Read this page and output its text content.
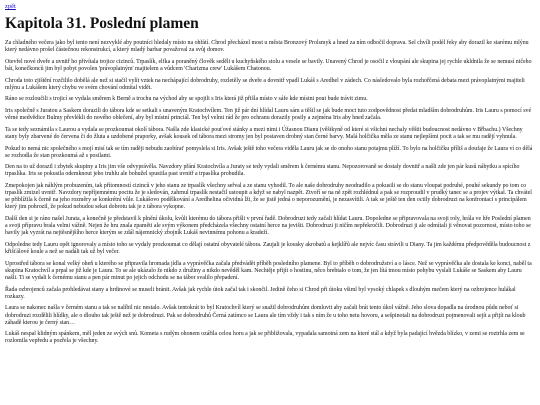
zpět
Kapitola 31. Poslední plamen

Za chladného večera jako byl tento není nezvyklé aby poutníci hledaly místo na ohřátí. Chrod přecházel most u města Bronzový Prolsmyk a hned za ním odbočil doprava. Sel chvíli podél řeky aby dorazil ke starému mlýnu který nedávno prošel částečnou rekonstrukcí, a který mladý barbar považoval za svůj domov.

Otevřel nové dveře a uvnitř ho přivítala trojice cizinců. Trpaslík, elfka a poraněný člověk seděli u kuchyňského stolu a vesele se bavily. Unavený Chrod je osočil z vloupání ale skupina jej rychle ukldnila že se nemusí ničeho bát, konečkonců jim byl pobyt povolen 'právoplatným' majitelem a vůdcem 'Charizma crew' Lukášem Chatonou.

Chroda toto zjištění rozčililo dobělá ale než si stačil vylít vztek na nechápající dobrodruhy, rozletěly se dveře a dovnitř vpadl Lukáš s Aredhel v zádech. Co následovalo byla rozhořčená debata mezi právoplatnými majiteli mlýnu a Lukášem který chybu ve svém chování odmítal vidět.

Ráno se rozloučili s trojicí se vydala směrem k Berně a trochu na východ aby se spojili s Iris která již přišla místo v sáfe kde místni pout bude trávit zimu.

Iris společně s Juratou a Saskem dorazili do tábora kde se setkali s unaveným Kratochvílem. Ten již pár dní hlídal Lauru sám a těšil se jak bude moct tuto zodpovědnost předat mladším dobrodruhům. Iris Lauru s pomocí své věrné medvědice Bulmy převlékli do nového oblečení, aby byl místní princiál. Ten byl velmi rád že pro ochranu dorazily posily a zejména Iris aby hned začala.

Ta se tedy seznámila s Laurou a vydala se prozkoumat okolí tábora. Našla zde klasické pouťové stánky a mezi nimi i Úžasnou Dianu (věštkyně od které si všichni nechaly věštit budoucnost nedávno v Břbachu.) Všechny stany byly zbarvené do červena či do žluta a uzdobené praporky, avšak kousek od tábora mezi stromy jen byl postaven drobný stan černé barvy. Malá holčička měla ze stanu nejlepšími pocit a tak se mu radějí vyhnula.

Pokud to nemá nic společného s mojí misí tak se tím raději nebudu zaobírat' pomyslela si Iris. Avšak ještě toho večera viděla Lauru jak se do onoho stanu potajmu plíží. To bylo na holčičku příliš a doufaje že Laura ví co dělá se rozhodla že stan prozkoumá až s posilami.

Den na to už dorazil i zbytek skupiny a Iris jim vše odvyprávěla. Navzdory přání Kratochvíla a Juraty se tedy vydali směrem k černému stanu. Nepozorovaně se dostaly dovnitř a našli zde jen pár kusů nábytku a spícího trpaslíka. Iris se pokusila odemknout jeho truhlu ale bohužel spustila past uvnitř a trpaslíka probudila.

Zmepokojen jak náhlým probuzením, tak přítomností cizinců v jeho stanu ze trpaslík všechny seřval a ze stanu vyhodil. To ale naše dobrodruhy neodradilo a pokusili se do stanu vloupat podruhé, pouhé sekundy po tom co trpaslík zmizel uvnitř. Navzdory nepříjemnému pocitu že je sledován, zahrnul trpaslík nestačil ustoupit a když se nabyl nazpět. Ztvoří se na ně zpět rozhlédnul a pak se rozproudil v prudký tanec se a projev výtkal. Ta chvátel se přiblížila k černě na jeho rozměry se konkrétní vůle. Lukášovo podělkování a Aredhelina očividná lži, že se jistě jedná o neporozumění, je nezasvítili. A tak se ještě ten den octily dobrodruzi na konfrontaci s principálem který jim pohrozil, že pokud nebudou sekat dobrotu tak je z tábora vykopne.

Další den si je ráno našel Jurata, a konečně je představil k plnění úkolu, kvůli kterému do tábora přišli v první řadě. Dobrodruzi tedy začali hlídat Lauru. Dopoledne se připravovala na svoji roly, hrála ve hře Poslední plamen a svoji přípravu brala velmi vážně. Nejen že hru znala zpaměti ale svým výkonem předcházela všechny ostatní herce na jevišti. Dobrodruzi ji ničím nepřekročili. Dobrodruzi ji ale odmítali ji věnovat pozornost, místo toho se bavily jak vyzrát na nejtěsnějšího herce kterým se zdál nájemnický zbojník Lukáš nevinnému pohonu a kradeží.

Odpoledne tedy Lauru opět ignorovaly a místo toho se vydaly prozkoumat co dělají ostatní obyvatelé tábora. Zaujali je kousky akrobatů a kejklířů ale nejvíc času strávili u Diany. Ta jim každému předpověděla budoucnost z křišťálové koule a než se nadáli tak už byl večer.

Uprostřed tábora se konal velký oheň u kterého se připravila hromada jídla a vyprávěčka začala předvádět příběh posledního plamene. Byl to příběh o dobrodružství a o lásce. Než se vyprávěčka ale dostala ke konci, naběl ta skupina Kratochvíl a prpal se již kde je Laura. To se ale ukázalo že nikdo z družiny a nikdo nevěděl kam. Nechtěje přijít o hostinu, něco brebtalo o tom, že jen lítá tmou místo pohybu vyslali Lukáše se Saskem aby Lauru našli. Ti se vydali k černému stanu a pen pár minut po jejich odchodu se na tábor svalilo přepadení.

Řada ozbrojenců začala prohledávat stany a hrdinové se museli bránit. Avšak jak rychle útok začal tak i skončil. Jedině čeho si Chrod při útoku všiml byl vysoký chlapek s dlouhým mečem který na ozbrojence hulákal rozkazy.

Laura se nakonec našla v černém stanu a tak se nalíbil nic nestalo. Avšak tentokrát to byl Kratochvíl který se snažil dobrodruhům domluvit aby začali brát tento úkol vážně. Jeho slova dopadla na úrodnou půdu neboť si dobrodruzi rozdělili hlídky, ale o dlouho tak ještě než je dobrodruzi. Pak se dobrodruhů Černá zatímco se Laura ale tím vždy i tak s ním že u toho netu hovoru, a sešpinotali na dobrodruzi pojmenovali sejít a přijít na kloub záhadě kterou je černý stan…

Lukáš nespal klidným spánkem, měl jeden ze svých snů. Kometa s rudým ohonem ozářila celou horu a jak se přibližovala, vypadala samotná zem na které stál a když byla padající hvězda blízko, v zemi se roztrhla zem se rozlomila vepředu a pozřela je všechny.
